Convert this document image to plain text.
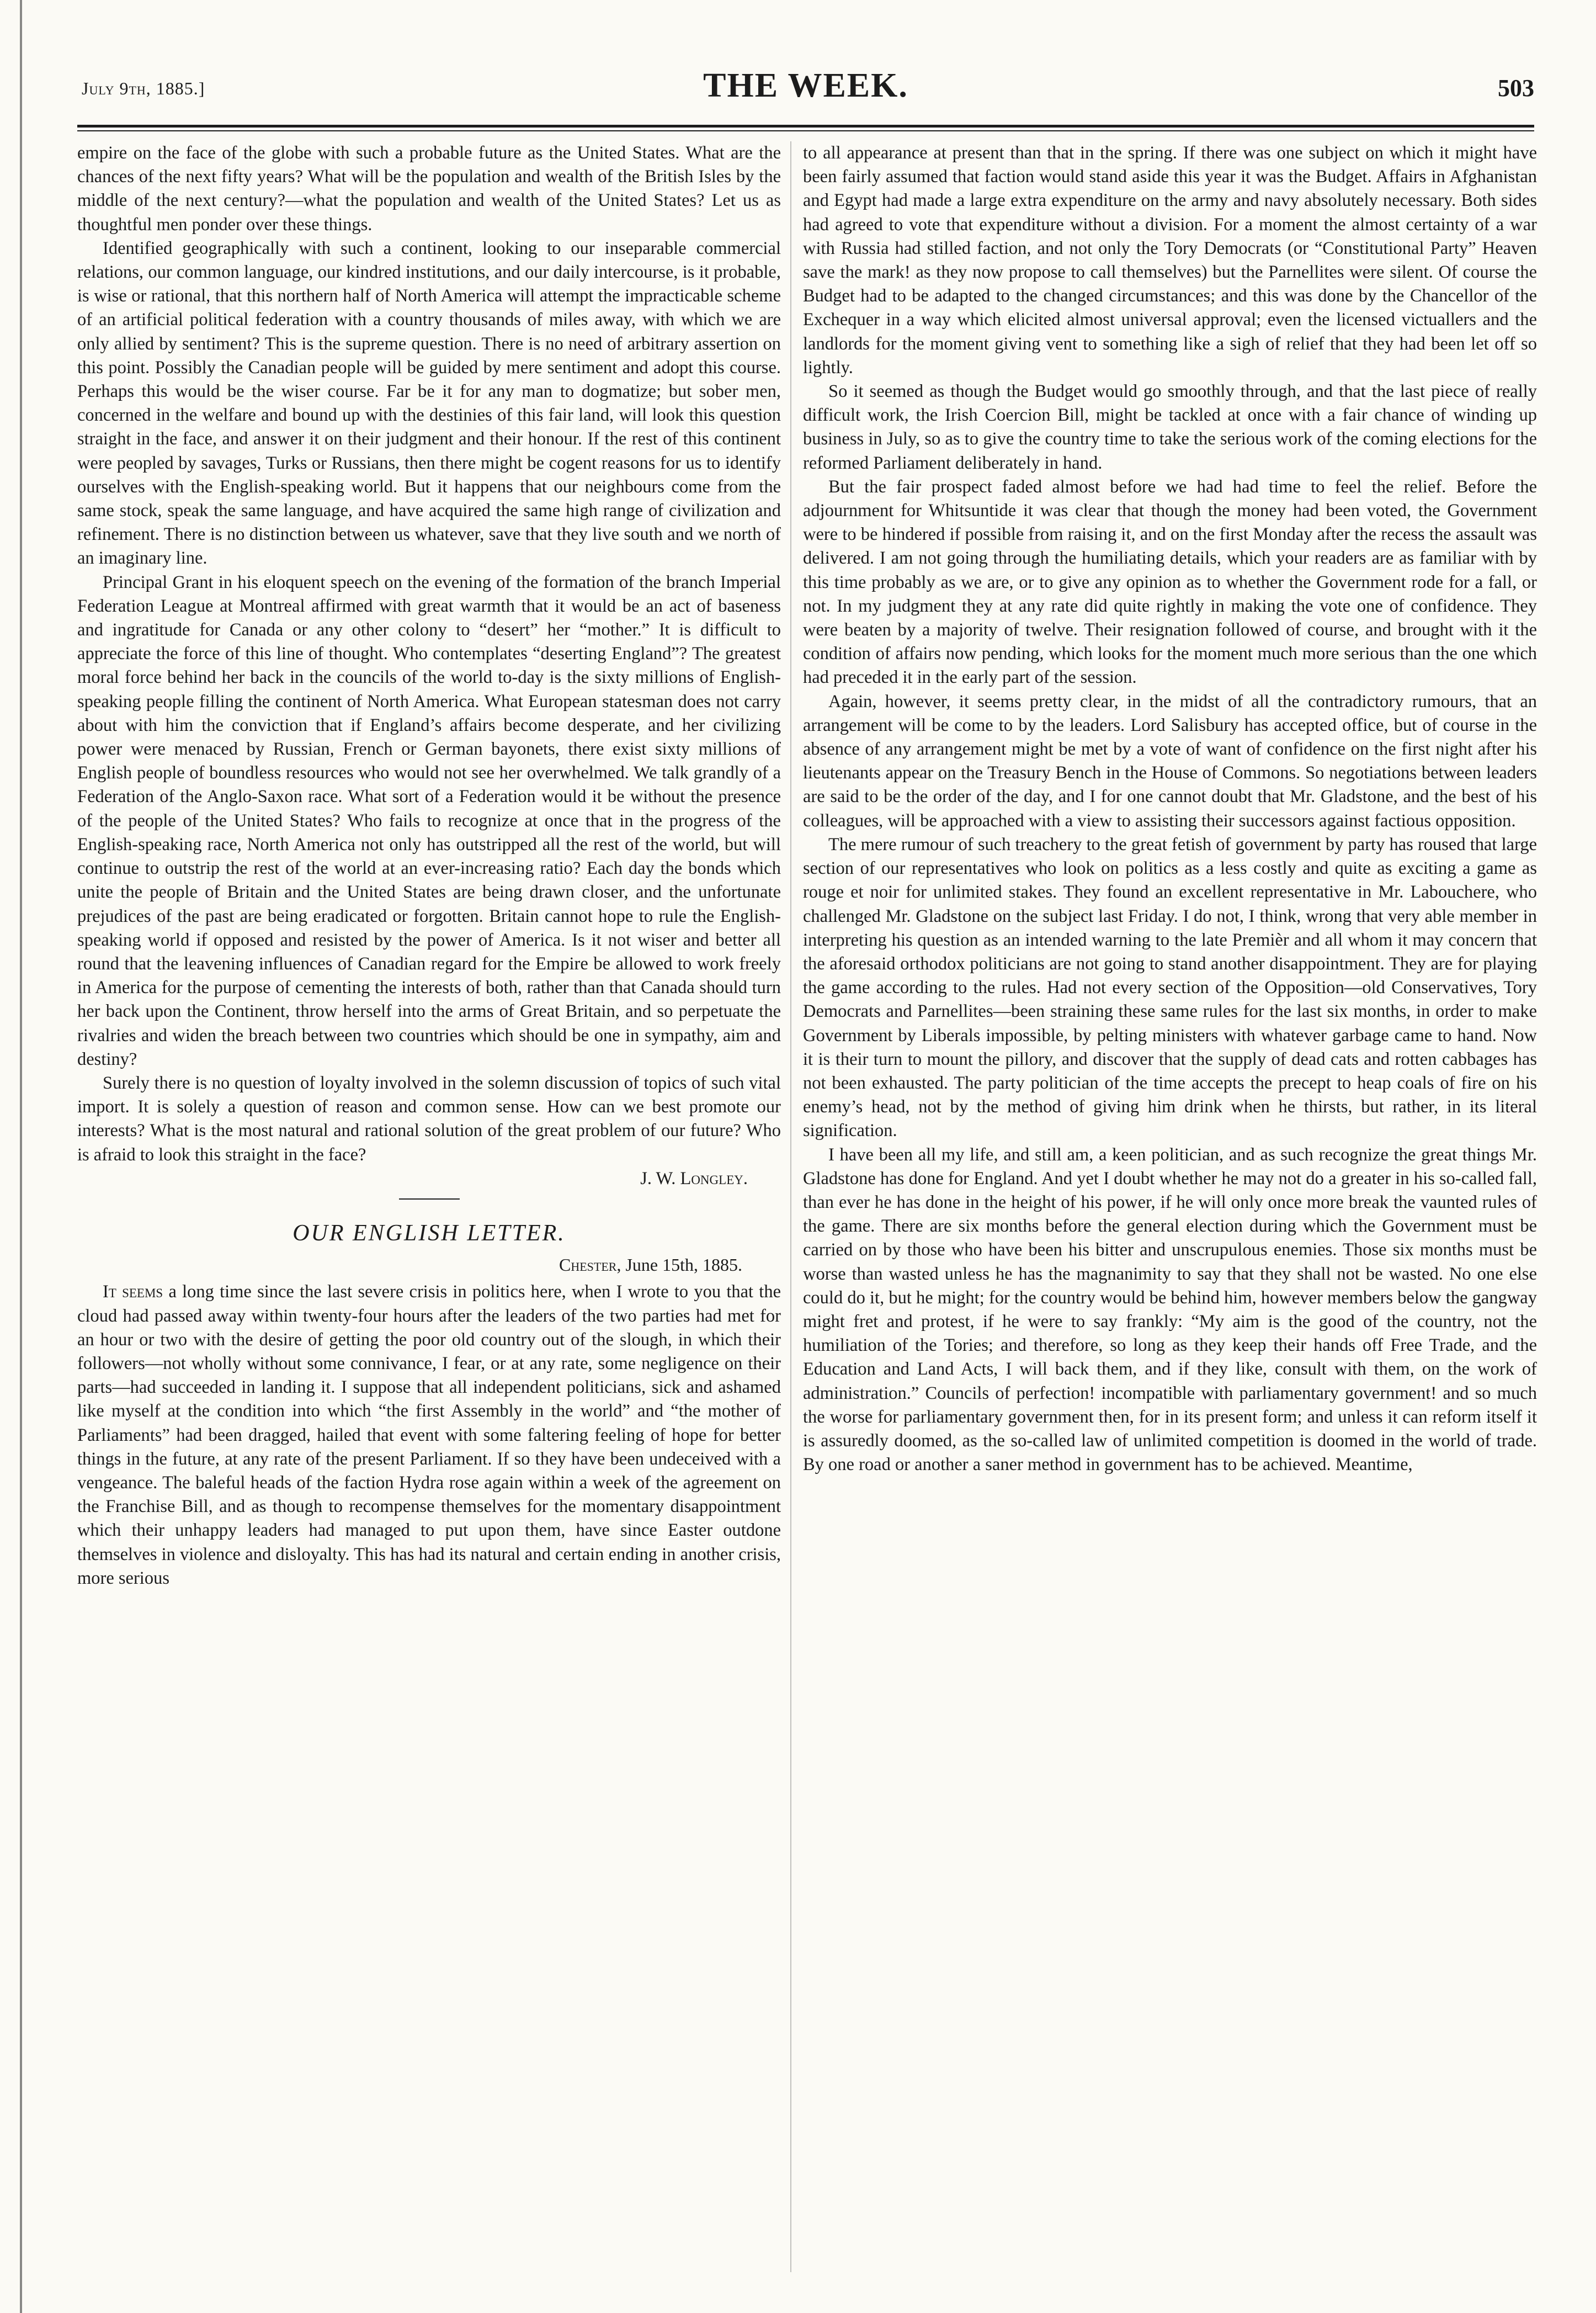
July 9th, 1885.]	THE WEEK.	503

empire on the face of the globe with such a probable future as the United States. What are the chances of the next fifty years? What will be the population and wealth of the British Isles by the middle of the next century?—what the population and wealth of the United States? Let us as thoughtful men ponder over these things.

Identified geographically with such a continent, looking to our inseparable commercial relations, our common language, our kindred institutions, and our daily intercourse, is it probable, is wise or rational, that this northern half of North America will attempt the impracticable scheme of an artificial political federation with a country thousands of miles away, with which we are only allied by sentiment? This is the supreme question. There is no need of arbitrary assertion on this point. Possibly the Canadian people will be guided by mere sentiment and adopt this course. Perhaps this would be the wiser course. Far be it for any man to dogmatize; but sober men, concerned in the welfare and bound up with the destinies of this fair land, will look this question straight in the face, and answer it on their judgment and their honour. If the rest of this continent were peopled by savages, Turks or Russians, then there might be cogent reasons for us to identify ourselves with the English-speaking world. But it happens that our neighbours come from the same stock, speak the same language, and have acquired the same high range of civilization and refinement. There is no distinction between us whatever, save that they live south and we north of an imaginary line.

Principal Grant in his eloquent speech on the evening of the formation of the branch Imperial Federation League at Montreal affirmed with great warmth that it would be an act of baseness and ingratitude for Canada or any other colony to “desert” her “mother.” It is difficult to appreciate the force of this line of thought. Who contemplates “deserting England”? The greatest moral force behind her back in the councils of the world to-day is the sixty millions of English-speaking people filling the continent of North America. What European statesman does not carry about with him the conviction that if England’s affairs become desperate, and her civilizing power were menaced by Russian, French or German bayonets, there exist sixty millions of English people of boundless resources who would not see her overwhelmed. We talk grandly of a Federation of the Anglo-Saxon race. What sort of a Federation would it be without the presence of the people of the United States? Who fails to recognize at once that in the progress of the English-speaking race, North America not only has outstripped all the rest of the world, but will continue to outstrip the rest of the world at an ever-increasing ratio? Each day the bonds which unite the people of Britain and the United States are being drawn closer, and the unfortunate prejudices of the past are being eradicated or forgotten. Britain cannot hope to rule the English-speaking world if opposed and resisted by the power of America. Is it not wiser and better all round that the leavening influences of Canadian regard for the Empire be allowed to work freely in America for the purpose of cementing the interests of both, rather than that Canada should turn her back upon the Continent, throw herself into the arms of Great Britain, and so perpetuate the rivalries and widen the breach between two countries which should be one in sympathy, aim and destiny?

Surely there is no question of loyalty involved in the solemn discussion of topics of such vital import. It is solely a question of reason and common sense. How can we best promote our interests? What is the most natural and rational solution of the great problem of our future? Who is afraid to look this straight in the face?
J. W. Longley.
OUR ENGLISH LETTER.
Chester, June 15th, 1885.

It seems a long time since the last severe crisis in politics here, when I wrote to you that the cloud had passed away within twenty-four hours after the leaders of the two parties had met for an hour or two with the desire of getting the poor old country out of the slough, in which their followers—not wholly without some connivance, I fear, or at any rate, some negligence on their parts—had succeeded in landing it. I suppose that all independent politicians, sick and ashamed like myself at the condition into which “the first Assembly in the world” and “the mother of Parliaments” had been dragged, hailed that event with some faltering feeling of hope for better things in the future, at any rate of the present Parliament. If so they have been undeceived with a vengeance. The baleful heads of the faction Hydra rose again within a week of the agreement on the Franchise Bill, and as though to recompense themselves for the momentary disappointment which their unhappy leaders had managed to put upon them, have since Easter outdone themselves in violence and disloyalty. This has had its natural and certain ending in another crisis, more serious

to all appearance at present than that in the spring. If there was one subject on which it might have been fairly assumed that faction would stand aside this year it was the Budget. Affairs in Afghanistan and Egypt had made a large extra expenditure on the army and navy absolutely necessary. Both sides had agreed to vote that expenditure without a division. For a moment the almost certainty of a war with Russia had stilled faction, and not only the Tory Democrats (or “Constitutional Party” Heaven save the mark! as they now propose to call themselves) but the Parnellites were silent. Of course the Budget had to be adapted to the changed circumstances; and this was done by the Chancellor of the Exchequer in a way which elicited almost universal approval; even the licensed victuallers and the landlords for the moment giving vent to something like a sigh of relief that they had been let off so lightly.

So it seemed as though the Budget would go smoothly through, and that the last piece of really difficult work, the Irish Coercion Bill, might be tackled at once with a fair chance of winding up business in July, so as to give the country time to take the serious work of the coming elections for the reformed Parliament deliberately in hand.

But the fair prospect faded almost before we had had time to feel the relief. Before the adjournment for Whitsuntide it was clear that though the money had been voted, the Government were to be hindered if possible from raising it, and on the first Monday after the recess the assault was delivered. I am not going through the humiliating details, which your readers are as familiar with by this time probably as we are, or to give any opinion as to whether the Government rode for a fall, or not. In my judgment they at any rate did quite rightly in making the vote one of confidence. They were beaten by a majority of twelve. Their resignation followed of course, and brought with it the condition of affairs now pending, which looks for the moment much more serious than the one which had preceded it in the early part of the session.

Again, however, it seems pretty clear, in the midst of all the contradictory rumours, that an arrangement will be come to by the leaders. Lord Salisbury has accepted office, but of course in the absence of any arrangement might be met by a vote of want of confidence on the first night after his lieutenants appear on the Treasury Bench in the House of Commons. So negotiations between leaders are said to be the order of the day, and I for one cannot doubt that Mr. Gladstone, and the best of his colleagues, will be approached with a view to assisting their successors against factious opposition.

The mere rumour of such treachery to the great fetish of government by party has roused that large section of our representatives who look on politics as a less costly and quite as exciting a game as rouge et noir for unlimited stakes. They found an excellent representative in Mr. Labouchere, who challenged Mr. Gladstone on the subject last Friday. I do not, I think, wrong that very able member in interpreting his question as an intended warning to the late Premièr and all whom it may concern that the aforesaid orthodox politicians are not going to stand another disappointment. They are for playing the game according to the rules. Had not every section of the Opposition—old Conservatives, Tory Democrats and Parnellites—been straining these same rules for the last six months, in order to make Government by Liberals impossible, by pelting ministers with whatever garbage came to hand. Now it is their turn to mount the pillory, and discover that the supply of dead cats and rotten cabbages has not been exhausted. The party politician of the time accepts the precept to heap coals of fire on his enemy’s head, not by the method of giving him drink when he thirsts, but rather, in its literal signification.

I have been all my life, and still am, a keen politician, and as such recognize the great things Mr. Gladstone has done for England. And yet I doubt whether he may not do a greater in his so-called fall, than ever he has done in the height of his power, if he will only once more break the vaunted rules of the game. There are six months before the general election during which the Government must be carried on by those who have been his bitter and unscrupulous enemies. Those six months must be worse than wasted unless he has the magnanimity to say that they shall not be wasted. No one else could do it, but he might; for the country would be behind him, however members below the gangway might fret and protest, if he were to say frankly: “My aim is the good of the country, not the humiliation of the Tories; and therefore, so long as they keep their hands off Free Trade, and the Education and Land Acts, I will back them, and if they like, consult with them, on the work of administration.” Councils of perfection! incompatible with parliamentary government! and so much the worse for parliamentary government then, for in its present form; and unless it can reform itself it is assuredly doomed, as the so-called law of unlimited competition is doomed in the world of trade. By one road or another a saner method in government has to be achieved. Meantime,
